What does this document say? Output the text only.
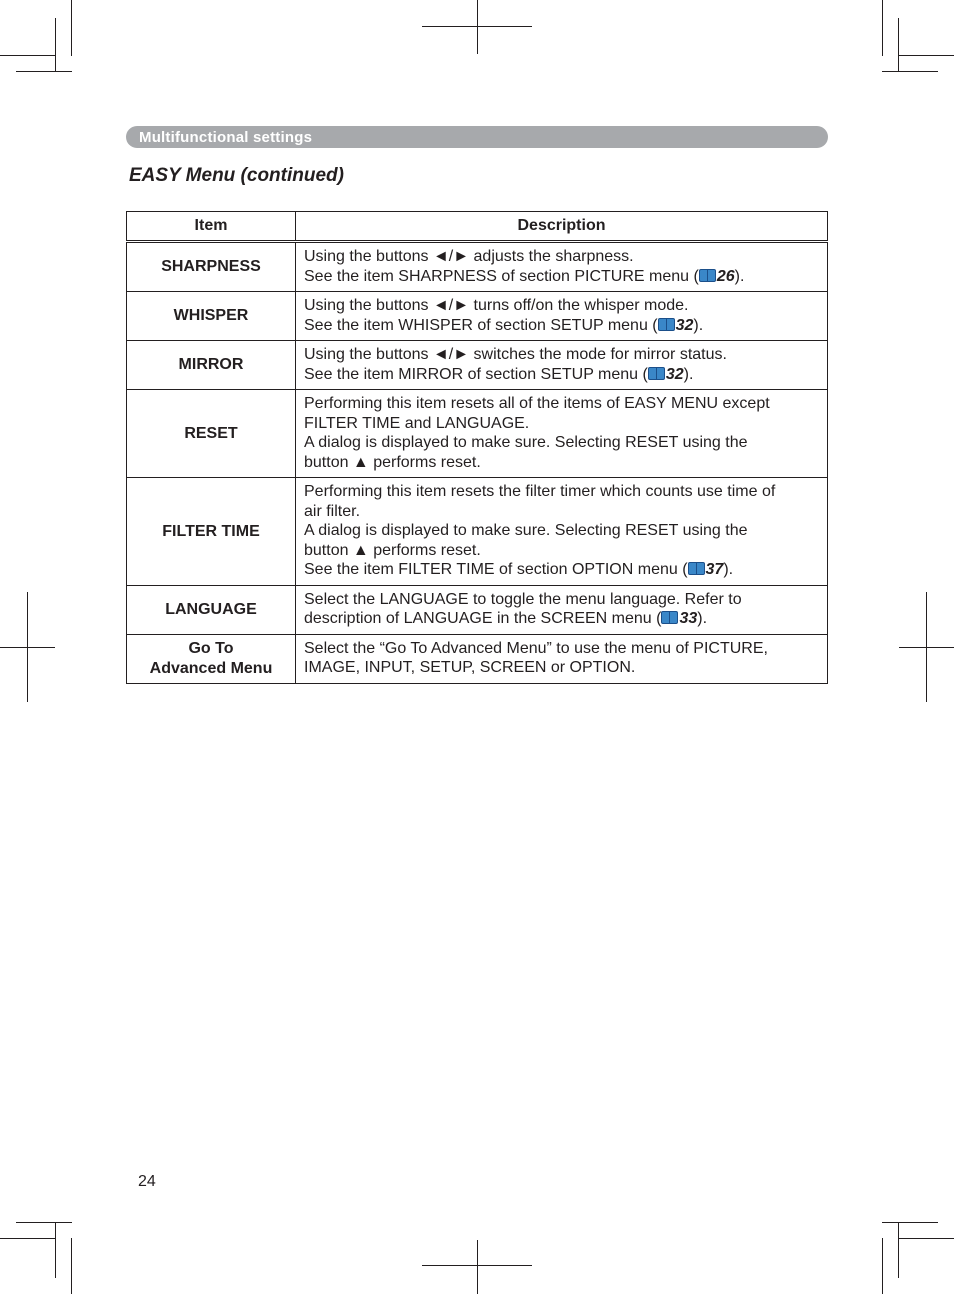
Multifunctional settings
EASY Menu (continued)
Item	Description

SHARPNESS	Using the buttons ◄/► adjusts the sharpness.
See the item SHARPNESS of section PICTURE menu ( 26).

WHISPER	Using the buttons ◄/► turns off/on the whisper mode.
See the item WHISPER of section SETUP menu ( 32).

MIRROR	Using the buttons ◄/► switches the mode for mirror status.
See the item MIRROR of section SETUP menu ( 32).

RESET	Performing this item resets all of the items of EASY MENU except
FILTER TIME and LANGUAGE.
A dialog is displayed to make sure. Selecting RESET using the
button ▲ performs reset.

FILTER TIME	Performing this item resets the filter timer which counts use time of
air filter.
A dialog is displayed to make sure. Selecting RESET using the
button ▲ performs reset.
See the item FILTER TIME of section OPTION menu ( 37).

LANGUAGE	Select the LANGUAGE to toggle the menu language. Refer to
description of LANGUAGE in the SCREEN menu ( 33).

Go To
Advanced Menu	Select the “Go To Advanced Menu” to use the menu of PICTURE,
IMAGE, INPUT, SETUP, SCREEN or OPTION.
24
